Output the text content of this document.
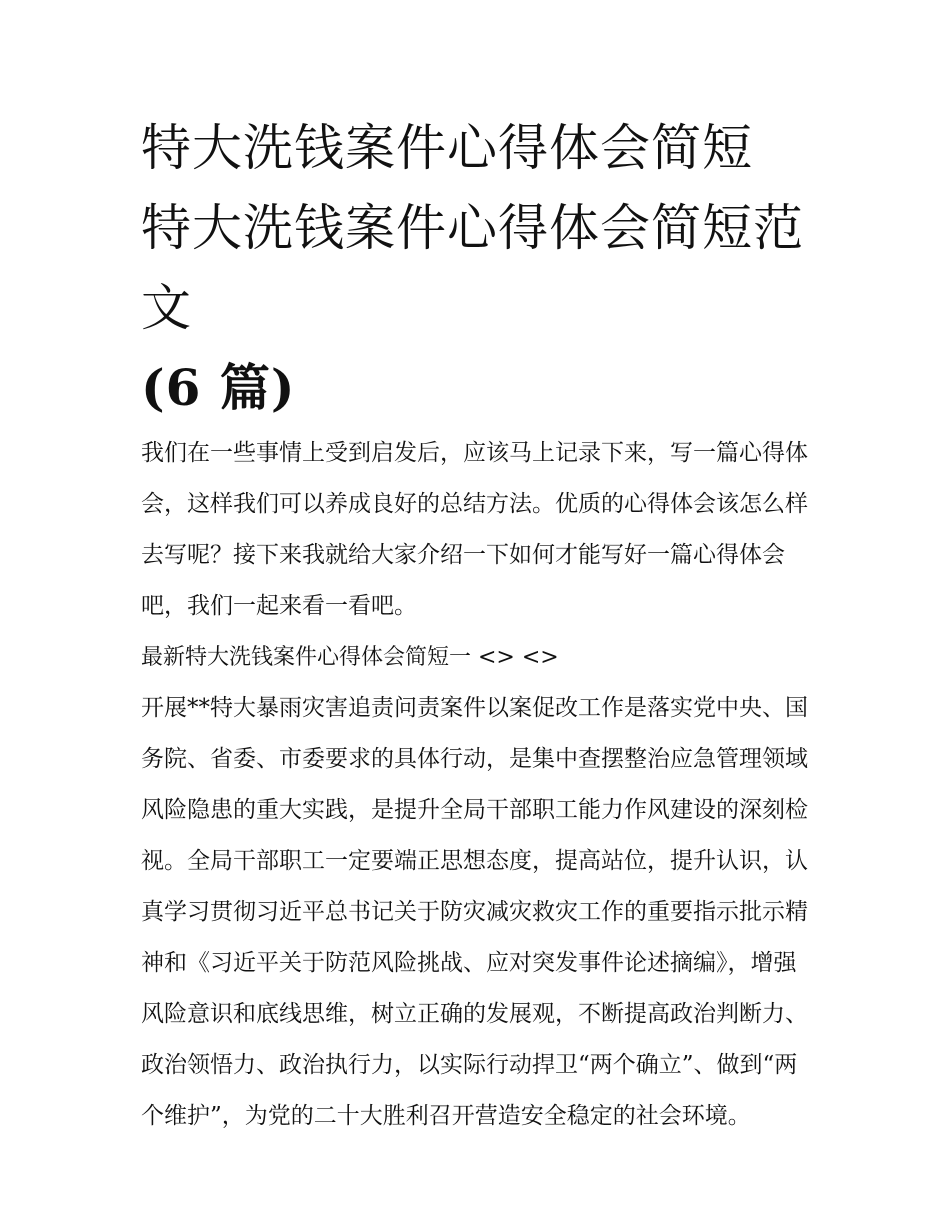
特大洗钱案件心得体会简短 特大洗钱案件心得体会简短范文
(6 篇)

我们在一些事情上受到启发后，应该马上记录下来，写一篇心得体会，这样我们可以养成良好的总结方法。优质的心得体会该怎么样去写呢？接下来我就给大家介绍一下如何才能写好一篇心得体会吧，我们一起来看一看吧。

最新特大洗钱案件心得体会简短一 <> <>

开展**特大暴雨灾害追责问责案件以案促改工作是落实党中央、国务院、省委、市委要求的具体行动，是集中查摆整治应急管理领域风险隐患的重大实践，是提升全局干部职工能力作风建设的深刻检视。全局干部职工一定要端正思想态度，提高站位，提升认识，认真学习贯彻习近平总书记关于防灾减灾救灾工作的重要指示批示精神和《习近平关于防范风险挑战、应对突发事件论述摘编》，增强风险意识和底线思维，树立正确的发展观，不断提高政治判断力、政治领悟力、政治执行力，以实际行动捍卫“两个确立”、做到“两个维护”，为党的二十大胜利召开营造安全稳定的社会环境。
